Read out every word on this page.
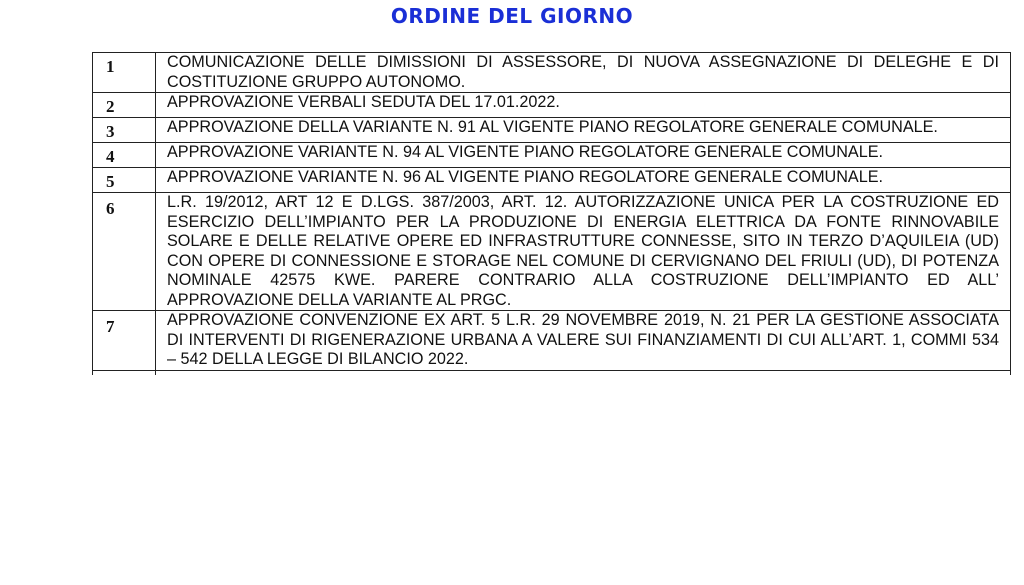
ORDINE DEL GIORNO
1	COMUNICAZIONE DELLE DIMISSIONI DI ASSESSORE, DI NUOVA ASSEGNAZIONE DI DELEGHE E DI COSTITUZIONE GRUPPO AUTONOMO.
2	APPROVAZIONE VERBALI SEDUTA DEL 17.01.2022.
3	APPROVAZIONE DELLA VARIANTE N. 91 AL VIGENTE PIANO REGOLATORE GENERALE COMUNALE.
4	APPROVAZIONE VARIANTE N. 94 AL VIGENTE PIANO REGOLATORE GENERALE COMUNALE.
5	APPROVAZIONE VARIANTE N. 96 AL VIGENTE PIANO REGOLATORE GENERALE COMUNALE.
6	L.R. 19/2012, ART 12 E D.LGS. 387/2003, ART. 12. AUTORIZZAZIONE UNICA PER LA COSTRUZIONE ED ESERCIZIO DELL’IMPIANTO PER LA PRODUZIONE DI ENERGIA ELETTRICA DA FONTE RINNOVABILE SOLARE E DELLE RELATIVE OPERE ED INFRASTRUTTURE CONNESSE, SITO IN TERZO D’AQUILEIA (UD) CON OPERE DI CONNESSIONE E STORAGE NEL COMUNE DI CERVIGNANO DEL FRIULI (UD), DI POTENZA NOMINALE 42575 KWE. PARERE CONTRARIO ALLA COSTRUZIONE DELL’IMPIANTO ED ALL’ APPROVAZIONE DELLA VARIANTE AL PRGC.
7	APPROVAZIONE CONVENZIONE EX ART. 5 L.R. 29 NOVEMBRE 2019, N. 21 PER LA GESTIONE ASSOCIATA DI INTERVENTI DI RIGENERAZIONE URBANA A VALERE SUI FINANZIAMENTI DI CUI ALL’ART. 1, COMMI 534 – 542 DELLA LEGGE DI BILANCIO 2022.
